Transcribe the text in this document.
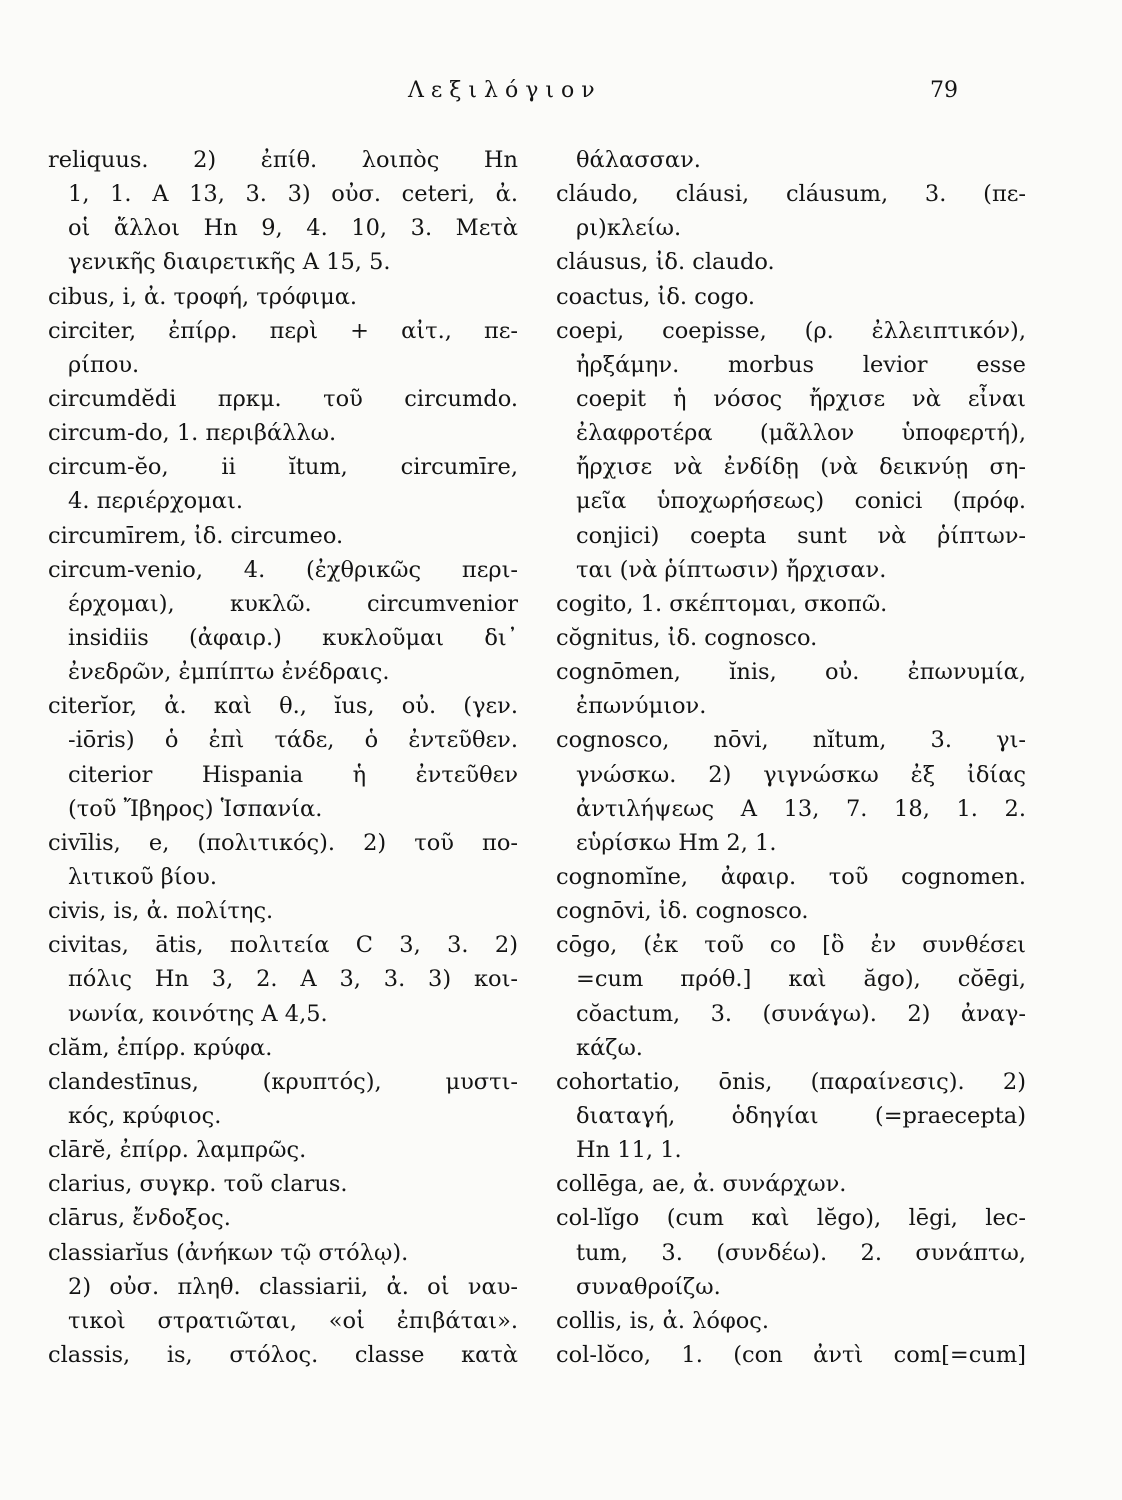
Λεξιλόγιον	79
reliquus. 2) ἐπίθ. λοιπὸς Hn
1, 1. A 13, 3. 3) οὐσ. ceteri, ἀ.
οἱ ἄλλοι Hn 9, 4. 10, 3. Μετὰ
γενικῆς διαιρετικῆς A 15, 5.
cibus, i, ἀ. τροφή, τρόφιμα.
circiter, ἐπίρρ. περὶ + αἰτ., πε-
ρίπου.
circumdĕdi πρκμ. τοῦ circumdo.
circum-do, 1. περιβάλλω.
circum-ĕo, ii ĭtum, circumīre,
4. περιέρχομαι.
circumīrem, ἰδ. circumeo.
circum-venio, 4. (ἐχθρικῶς περι-
έρχομαι), κυκλῶ. circumvenior
insidiis (ἀφαιρ.) κυκλοῦμαι δι᾽
ἐνεδρῶν, ἐμπίπτω ἐνέδραις.
citerĭor, ἀ. καὶ θ., ĭus, οὐ. (γεν.
-iōris) ὁ ἐπὶ τάδε, ὁ ἐντεῦθεν.
citerior Hispania ἡ ἐντεῦθεν
(τοῦ Ἴβηρος) Ἱσπανία.
civīlis, e, (πολιτικός). 2) τοῦ πο-
λιτικοῦ βίου.
civis, is, ἀ. πολίτης.
civitas, ātis, πολιτεία C 3, 3. 2)
πόλις Hn 3, 2. A 3, 3. 3) κοι-
νωνία, κοινότης A 4,5.
clăm, ἐπίρρ. κρύφα.
clandestīnus, (κρυπτός), μυστι-
κός, κρύφιος.
clārĕ, ἐπίρρ. λαμπρῶς.
clarius, συγκρ. τοῦ clarus.
clārus, ἔνδοξος.
classiarĭus (ἀνήκων τῷ στόλῳ).
2) οὐσ. πληθ. classiarii, ἀ. οἱ ναυ-
τικοὶ στρατιῶται, «οἱ ἐπιβάται».
classis, is, στόλος. classe κατὰ
θάλασσαν.
cláudo, cláusi, cláusum, 3. (πε-
ρι)κλείω.
cláusus, ἰδ. claudo.
coactus, ἰδ. cogo.
coepi, coepisse, (ρ. ἐλλειπτικόν),
ἠρξάμην. morbus levior esse
coepit ἡ νόσος ἤρχισε νὰ εἶναι
ἐλαφροτέρα (μᾶλλον ὑποφερτή),
ἤρχισε νὰ ἐνδίδῃ (νὰ δεικνύῃ ση-
μεῖα ὑποχωρήσεως) conici (πρόφ.
conjici) coepta sunt νὰ ῥίπτων-
ται (νὰ ῥίπτωσιν) ἤρχισαν.
cogito, 1. σκέπτομαι, σκοπῶ.
cŏgnitus, ἰδ. cognosco.
cognōmen, ĭnis, οὐ. ἐπωνυμία,
ἐπωνύμιον.
cognosco, nōvi, nĭtum, 3. γι-
γνώσκω. 2) γιγνώσκω ἐξ ἰδίας
ἀντιλήψεως A 13, 7. 18, 1. 2.
εὑρίσκω Hm 2, 1.
cognomĭne, ἀφαιρ. τοῦ cognomen.
cognōvi, ἰδ. cognosco.
cōgo, (ἐκ τοῦ co [ὃ ἐν συνθέσει
=cum πρόθ.] καὶ ăgo), cŏēgi,
cŏactum, 3. (συνάγω). 2) ἀναγ-
κάζω.
cohortatio, ōnis, (παραίνεσις). 2)
διαταγή, ὁδηγίαι (=praecepta)
Hn 11, 1.
collēga, ae, ἀ. συνάρχων.
col-lĭgo (cum καὶ lĕgo), lēgi, lec-
tum, 3. (συνδέω). 2. συνάπτω,
συναθροίζω.
collis, is, ἀ. λόφος.
col-lŏco, 1. (con ἀντὶ com[=cum]
